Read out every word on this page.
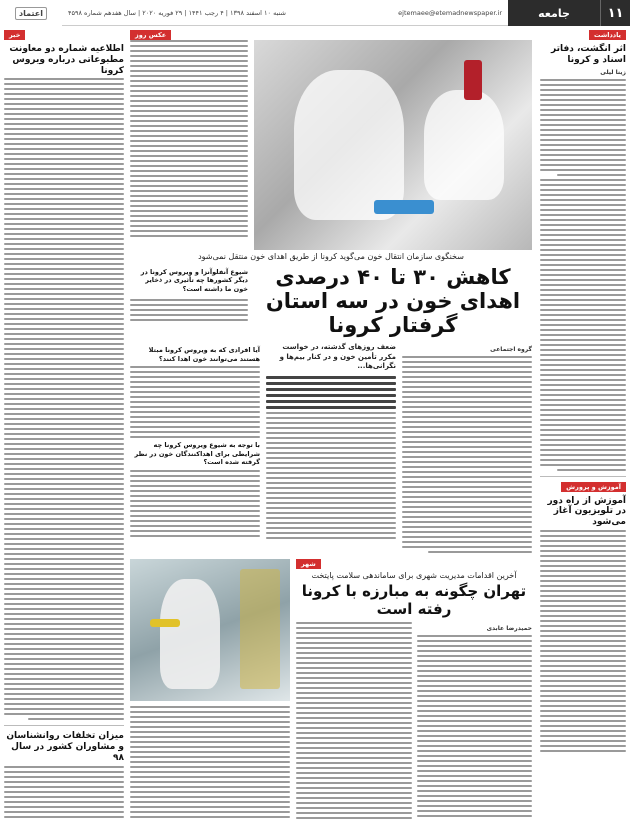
۱۱
جامعه
ejtemaee@etemadnewspaper.ir
شنبه ۱۰ اسفند ۱۳۹۸ | ۴ رجب ۱۴۴۱ | ۲۹ فوریه ۲۰۲۰ | سال هفدهم شماره ۴۵۹۸
اعتماد
یادداشت
اثر انگشت، دفاتر اسناد و کرونا
زینا لیلی
آموزش و پرورش
آموزش از راه دور در تلویزیون آغاز می‌شود
عکس روز
سخنگوی سازمان انتقال خون می‌گوید کرونا از طریق اهدای خون منتقل نمی‌شود
کاهش ۳۰ تا ۴۰ درصدی اهدای خون در سه استان گرفتار کرونا
شیوع آنفلوآنزا و ویروس کرونا در دیگر کشورها چه تأثیری در ذخایر خون ما داشته است؟
گروه اجتماعی
ضعف روزهای گذشته، در خواست مکرر تأمین خون و در کنار بیم‌ها و نگرانی‌ها...
آیا افرادی که به ویروس کرونا مبتلا هستند می‌توانند خون اهدا کنند؟
با توجه به شیوع ویروس کرونا چه شرایطی برای اهداکنندگان خون در نظر گرفته شده است؟
شهر
آخرین اقدامات مدیریت شهری برای ساماندهی سلامت پایتخت
تهران چگونه به مبارزه با کرونا رفته است
حمیدرضا عابدی
خبر
اطلاعیه شماره دو معاونت مطبوعاتی درباره ویروس کرونا
میزان تخلفات روانشناسان و مشاوران کشور در سال ۹۸
